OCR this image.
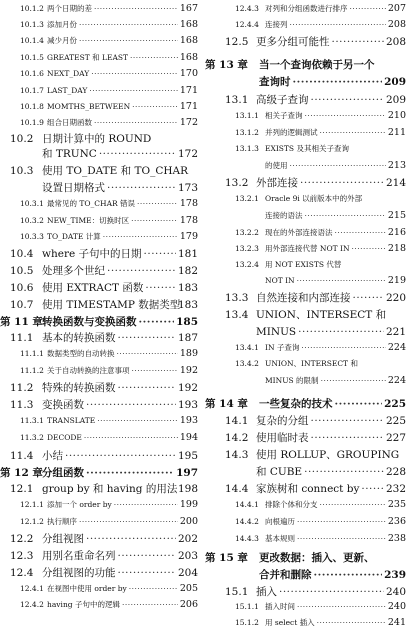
10.1.2 两个日期的差	167
·····
10.1.3 添加月份	168
·····
10.1.4 减少月份	168
·····
10.1.5 GREATEST 和 LEAST	168
·····
10.1.6 NEXT_DAY	170
·····
10.1.7 LAST_DAY	171
·····
10.1.8 MOMTHS_BETWEEN	171
·····
10.1.9 组合日期函数	172
·····
10.2 日期计算中的 ROUND
和 TRUNC	172
·····
10.3 使用 TO_DATE 和 TO_CHAR
设置日期格式	173
·····
10.3.1 最常见的 TO_CHAR 错误	178
·····
10.3.2 NEW_TIME：切换时区	178
·····
10.3.3 TO_DATE 计算	179
·····
10.4 where 子句中的日期	181
·····
10.5 处理多个世纪	182
·····
10.6 使用 EXTRACT 函数	183
·····
10.7 使用 TIMESTAMP 数据类型
183
第 11 章 转换函数与变换函数	185
·····
11.1 基本的转换函数	187
·····
11.1.1 数据类型的自动转换	189
·····
11.1.2 关于自动转换的注意事项	192
·····
11.2 特殊的转换函数	192
·····
11.3 变换函数	193
·····
11.3.1 TRANSLATE	193
·····
11.3.2 DECODE	194
·····
11.4 小结	195
·····
第 12 章 分组函数	197
·····
12.1 group by 和 having 的用法 198
12.1.1 添加一个 order by	199
·····
12.1.2 执行顺序	200
·····
12.2 分组视图	202
·····
12.3 用别名重命名列	203
·····
12.4 分组视图的功能	204
·····
12.4.1 在视图中使用 order by	205
·····
12.4.2 having 子句中的逻辑	206
·····
12.4.3 对列和分组函数进行排序	207
·····
12.4.4 连接列	208
·····
12.5 更多分组可能性	208
·····
第 13 章 当一个查询依赖于另一个
查询时	209
·····
13.1 高级子查询	209
·····
13.1.1 相关子查询	210
·····
13.1.2 并列的逻辑测试	211
·····
13.1.3 EXISTS 及其相关子查询
的使用	213
·····
13.2 外部连接	214
·····
13.2.1 Oracle 9i 以前版本中的外部
连接的语法	215
·····
13.2.2 现在的外部连接语法	216
·····
13.2.3 用外部连接代替 NOT IN	218
·····
13.2.4 用 NOT EXISTS 代替
NOT IN	219
·····
13.3 自然连接和内部连接	220
·····
13.4 UNION、INTERSECT 和
MINUS	221
·····
13.4.1 IN 子查询	224
·····
13.4.2 UNION、INTERSECT 和
MINUS 的限制	224
·····
第 14 章 一些复杂的技术	225
·····
14.1 复杂的分组	225
·····
14.2 使用临时表	227
·····
14.3 使用 ROLLUP、GROUPING
和 CUBE	228
·····
14.4 家族树和 connect by	232
·····
14.4.1 排除个体和分支	235
·····
14.4.2 向根遍历	236
·····
14.4.3 基本规则	238
·····
第 15 章 更改数据：插入、更新、
合并和删除	239
·····
15.1 插入	240
·····
15.1.1 插入时间	240
·····
15.1.2 用 select 插入	241
·····
